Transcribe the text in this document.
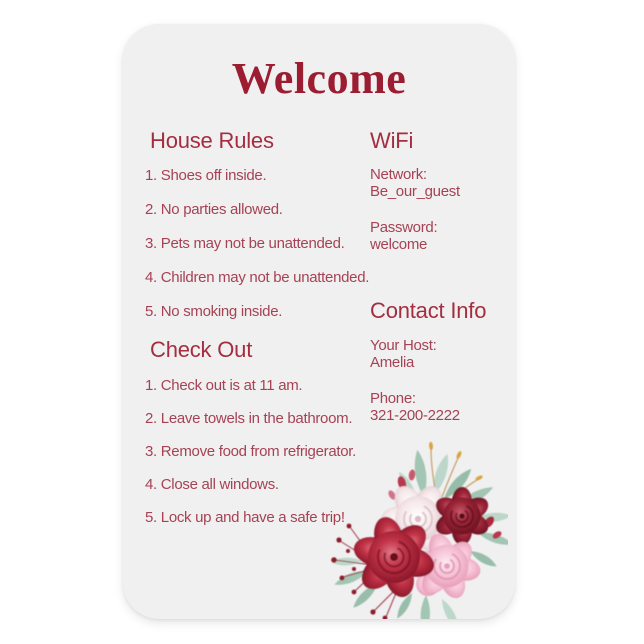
Welcome
House Rules
1. Shoes off inside.
2. No parties allowed.
3. Pets may not be unattended.
4. Children may not be unattended.
5. No smoking inside.
Check Out
1. Check out is at 11 am.
2. Leave towels in the bathroom.
3. Remove food from refrigerator.
4. Close all windows.
5. Lock up and have a safe trip!
WiFi
Network:
Be_our_guest
Password:
welcome
Contact Info
Your Host:
Amelia
Phone:
321-200-2222
